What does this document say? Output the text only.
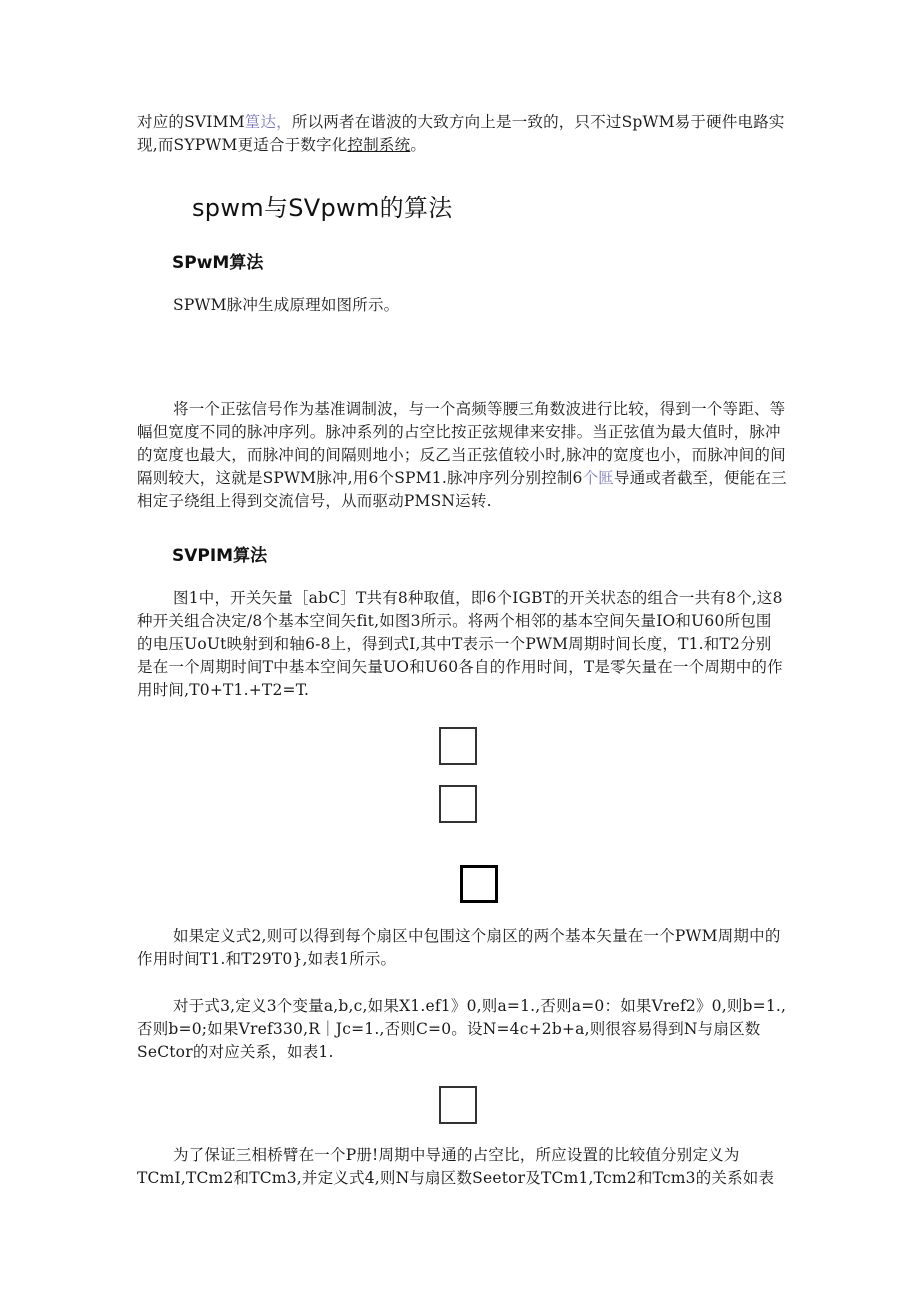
对应的SVIMM篁达，所以两者在谐波的大致方向上是一致的，只不过SpWM易于硬件电路实现,而SYPWM更适合于数字化控制系统。

spwm与SVpwm的算法
SPwM算法

SPWM脉冲生成原理如图所示。

将一个正弦信号作为基准调制波，与一个高频等腰三角数波进行比较，得到一个等距、等幅但宽度不同的脉冲序列。脉冲系列的占空比按正弦规律来安排。当正弦值为最大值时，脉冲的宽度也最大，而脉冲间的间隔则地小；反乙当正弦值较小时,脉冲的宽度也小，而脉冲间的间隔则较大，这就是SPWM脉冲,用6个SPM1.脉冲序列分别控制6个匨导通或者截至，便能在三相定子绕组上得到交流信号，从而驱动PMSN运转.

SVPIM算法

图1中，开关矢量［abC］T共有8种取值，即6个IGBT的开关状态的组合一共有8个,这8种开关组合决定/8个基本空间矢fit,如图3所示。将两个相邻的基本空间矢量IO和U60所包围的电压UoUt映射到和轴6-8上，得到式I,其中T表示一个PWM周期时间长度，T1.和T2分别是在一个周期时间T中基本空间矢量UO和U60各自的作用时间，T是零矢量在一个周期中的作用时间,T0+T1.+T2=T.

如果定义式2,则可以得到每个扇区中包围这个扇区的两个基本矢量在一个PWM周期中的作用时间T1.和T29T0},如表1所示。

对于式3,定义3个变量a,b,c,如果X1.ef1》0,则a=1.,否则a=0：如果Vref2》0,则b=1.,否则b=0;如果Vref330,R｜Jc=1.,否则C=0。设N=4c+2b+a,则很容易得到N与扇区数SeCtor的对应关系，如表1.

为了保证三相桥臂在一个P册!周期中导通的占空比，所应设置的比较值分别定义为TCmI,TCm2和TCm3,并定义式4,则N与扇区数Seetor及TCm1,Tcm2和Tcm3的关系如表
